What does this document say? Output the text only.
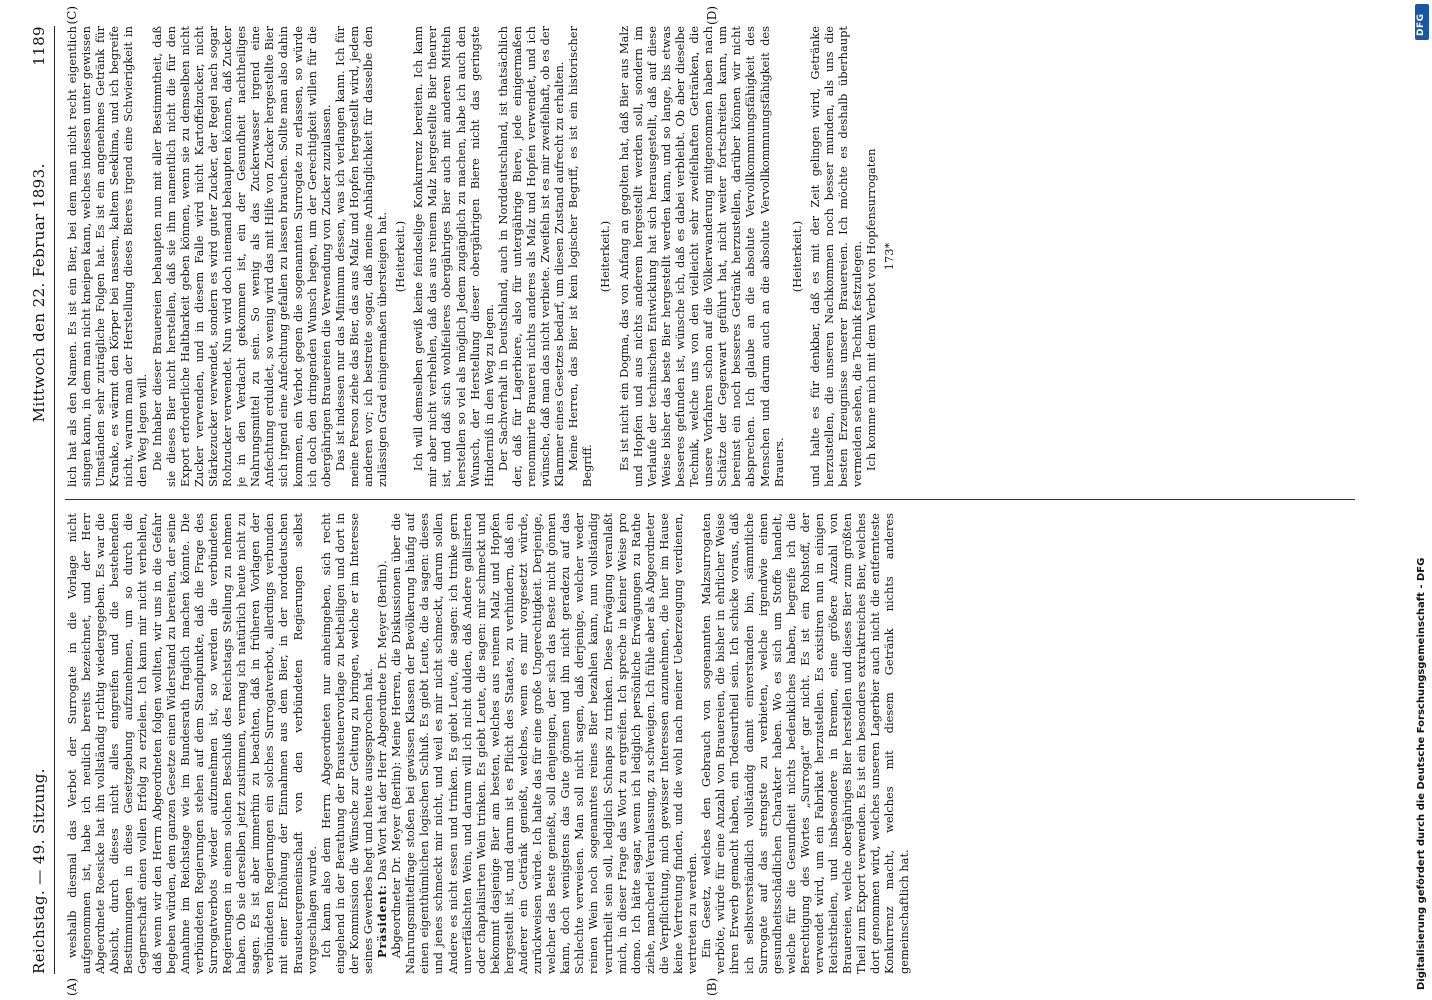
Reichstag. — 49. Sitzung.
Mittwoch den 22. Februar 1893.
1189

weshalb diesmal das Verbot der Surrogate in die Vorlage nicht aufgenommen ist, habe ich neulich bereits bezeichnet, und der Herr Abgeordnete Roesicke hat ihn vollständig richtig wiedergegeben. Es war die Absicht, durch dieses nicht alles eingreifen und die bestehenden Bestimmungen in diese Gesetzgebung aufzunehmen, um so durch die Gegnerschaft einen vollen Erfolg zu erzielen. Ich kann mir nicht verhehlen, daß wenn wir den Herrn Abgeordneten folgen wollten, wir uns in die Gefahr begeben würden, dem ganzen Gesetze einen Widerstand zu bereiten, der seine Annahme im Reichstage wie im Bundesrath fraglich machen könnte. Die verbündeten Regierungen stehen auf dem Standpunkte, daß die Frage des Surrogatverbots wieder aufzunehmen ist, so werden die verbündeten Regierungen in einem solchen Beschluß des Reichstags Stellung zu nehmen haben. Ob sie derselben jetzt zustimmen, vermag ich natürlich heute nicht zu sagen. Es ist aber immerhin zu beachten, daß in früheren Vorlagen der verbündeten Regierungen ein solches Surrogatverbot, allerdings verbunden mit einer Erhöhung der Einnahmen aus dem Bier, in der norddeutschen Brausteuergemeinschaft von den verbündeten Regierungen selbst vorgeschlagen wurde. Ich kann also dem Herrn Abgeordneten nur anheimgeben, sich recht eingehend in der Berathung der Brausteuervorlage zu betheiligen und dort in der Kommission die Wünsche zur Geltung zu bringen, welche er im Interesse seines Gewerbes hegt und heute ausgesprochen hat. Präsident: Das Wort hat der Herr Abgeordnete Dr. Meyer (Berlin). Abgeordneter Dr. Meyer (Berlin): Meine Herren, die Diskussionen über die Nahrungsmittelfrage stoßen bei gewissen Klassen der Bevölkerung häufig auf einen eigenthümlichen logischen Schluß. Es giebt Leute, die da sagen: dieses und jenes schmeckt mir nicht, und weil es mir nicht schmeckt, darum sollen Andere es nicht essen und trinken. Es giebt Leute, die sagen: ich trinke gern unverfälschten Wein, und darum will ich nicht dulden, daß Andere gallisirten oder chaptalisirten Wein trinken. Es giebt Leute, die sagen: mir schmeckt und bekommt dasjenige Bier am besten, welches aus reinem Malz und Hopfen hergestellt ist, und darum ist es Pflicht des Staates, zu verhindern, daß ein Anderer ein Getränk genießt, welches, wenn es mir vorgesetzt würde, zurückweisen würde. Ich halte das für eine große Ungerechtigkeit. Derjenige, welcher das Beste genießt, soll denjenigen, der sich das Beste nicht gönnen kann, doch wenigstens das Gute gönnen und ihn nicht geradezu auf das Schlechte verweisen. Man soll nicht sagen, daß derjenige, welcher weder reinen Wein noch sogenanntes reines Bier bezahlen kann, nun vollständig verurtheilt sein soll, lediglich Schnaps zu trinken. Diese Erwägung veranlaßt mich, in dieser Frage das Wort zu ergreifen. Ich spreche in keiner Weise pro domo. Ich hätte sagar, wenn ich lediglich persönliche Erwägungen zu Rathe ziehe, mancherlei Veranlassung, zu schweigen. Ich fühle aber als Abgeordneter die Verpflichtung, mich gewisser Interessen anzunehmen, die hier im Hause keine Vertretung finden, und die wohl nach meiner Ueberzeugung verdienen, vertreten zu werden. Ein Gesetz, welches den Gebrauch von sogenannten Malzsurrogaten verböte, würde für eine Anzahl von Brauereien, die bisher in ehrlicher Weise ihren Erwerb gemacht haben, ein Todesurtheil sein. Ich schicke voraus, daß ich selbstverständlich vollständig damit einverstanden bin, sämmtliche Surrogate auf das strengste zu verbieten, welche irgendwie einen gesundheitsschädlichen Charakter haben. Wo es sich um Stoffe handelt, welche für die Gesundheit nichts bedenkliches haben, begreife ich die Berechtigung des Wortes „Surrogat“ gar nicht. Es ist ein Rohstoff, der verwendet wird, um ein Fabrikat herzustellen. Es existiren nun in einigen Reichstheilen, und insbesondere in Bremen, eine größere Anzahl von Brauereien, welche obergähriges Bier herstellen und dieses Bier zum größten Theil zum Export verwenden. Es ist ein besonders extraktreiches Bier, welches dort genommen wird, welches unseren Lagerbier auch nicht die entfernteste Konkurrenz macht, welches mit diesem Getränk nichts anderes gemeinschaftlich hat.

lich hat als den Namen. Es ist ein Bier, bei dem man nicht recht eigentlich singen kann, in dem man nicht kneipen kann, welches indessen unter gewissen Umständen sehr zuträgliche Folgen hat. Es ist ein angenehmes Getränk für Kranke, es wärmt den Körper bei nassem, kaltem Seeklima, und ich begreife nicht, warum man der Herstellung dieses Bieres irgend eine Schwierigkeit in den Weg legen will. Die Inhaber dieser Brauereien behaupten nun mit aller Bestimmtheit, daß sie dieses Bier nicht herstellen, daß sie ihm namentlich nicht die für den Export erforderliche Haltbarkeit geben können, wenn sie zu demselben nicht Zucker verwenden, und in diesem Falle wird nicht Kartoffelzucker, nicht Stärkezucker verwendet, sondern es wird guter Zucker, der Regel nach sogar Rohzucker verwendet. Nun wird doch niemand behaupten können, daß Zucker je in den Verdacht gekommen ist, ein der Gesundheit nachtheiliges Nahrungsmittel zu sein. So wenig als das Zuckerwasser irgend eine Anfechtung erduldet, so wenig wird das mit Hilfe von Zucker hergestellte Bier sich irgend eine Anfechtung gefallen zu lassen brauchen. Sollte man also dahin kommen, ein Verbot gegen die sogenannten Surrogate zu erlassen, so würde ich doch den dringenden Wunsch hegen, um der Gerechtigkeit willen für die obergährigen Brauereien die Verwendung von Zucker zuzulassen. Das ist indessen nur das Minimum dessen, was ich verlangen kann. Ich für meine Person ziehe das Bier, das aus Malz und Hopfen hergestellt wird, jedem anderen vor; ich bestreite sogar, daß meine Anhänglichkeit für dasselbe den zulässigen Grad einigermaßen übersteigen hat. (Heiterkeit.) Ich will demselben gewiß keine feindselige Konkurrenz bereiten. Ich kann mir aber nicht verhehlen, daß das aus reinem Malz hergestellte Bier theurer ist, und daß sich wohlfeileres obergähriges Bier auch mit anderen Mitteln herstellen so viel als möglich Jedem zugänglich zu machen, habe ich auch den Wunsch, der Herstellung dieser obergährigen Biere nicht das geringste Hinderniß in den Weg zu legen. Der Sachverhalt in Deutschland, auch in Norddeutschland, ist thatsächlich der, daß für Lagerbiere, also für untergährige Biere, jede einigermaßen renommirte Brauerei nichts anderes als Malz und Hopfen verwendet, und ich wünsche, daß man das nicht verbiete. Zweifeln ist es mir zweifelhaft, ob es der Klammer eines Gesetzes bedarf, um diesen Zustand aufrecht zu erhalten. Meine Herren, das Bier ist kein logischer Begriff, es ist ein historischer Begriff.

(Heiterkeit.) Es ist nicht ein Dogma, das von Anfang an gegolten hat, daß Bier aus Malz und Hopfen und aus nichts anderem hergestellt werden soll, sondern im Verlaufe der technischen Entwicklung hat sich herausgestellt, daß auf diese Weise bisher das beste Bier hergestellt werden kann, und so lange, bis etwas besseres gefunden ist, wünsche ich, daß es dabei verbleibt. Ob aber dieselbe Technik, welche uns von den vielleicht sehr zweifelhaften Getränken, die unsere Vorfahren schon auf die Völkerwanderung mitgenommen haben nach Schätze der Gegenwart geführt hat, nicht weiter fortschreiten kann, um bereinst ein noch besseres Getränk herzustellen, darüber können wir nicht absprechen. Ich glaube an die absolute Vervollkommnungsfähigkeit des Menschen und darum auch an die absolute Vervollkommnungsfähigkeit des Brauers.

(Heiterkeit.) und halte es für denkbar, daß es mit der Zeit gelingen wird, Getränke herzustellen, die unseren Nachkommen noch besser munden, als uns die besten Erzeugnisse unserer Brauereien. Ich möchte es deshalb überhaupt vermeiden sehen, die Technik festzulegen. Ich komme mich mit dem Verbot von Hopfensurrogaten 173*

(A)	(B)
(C)	(D)	DFG
Digitalisierung gefördert durch die Deutsche Forschungsgemeinschaft - DFG
